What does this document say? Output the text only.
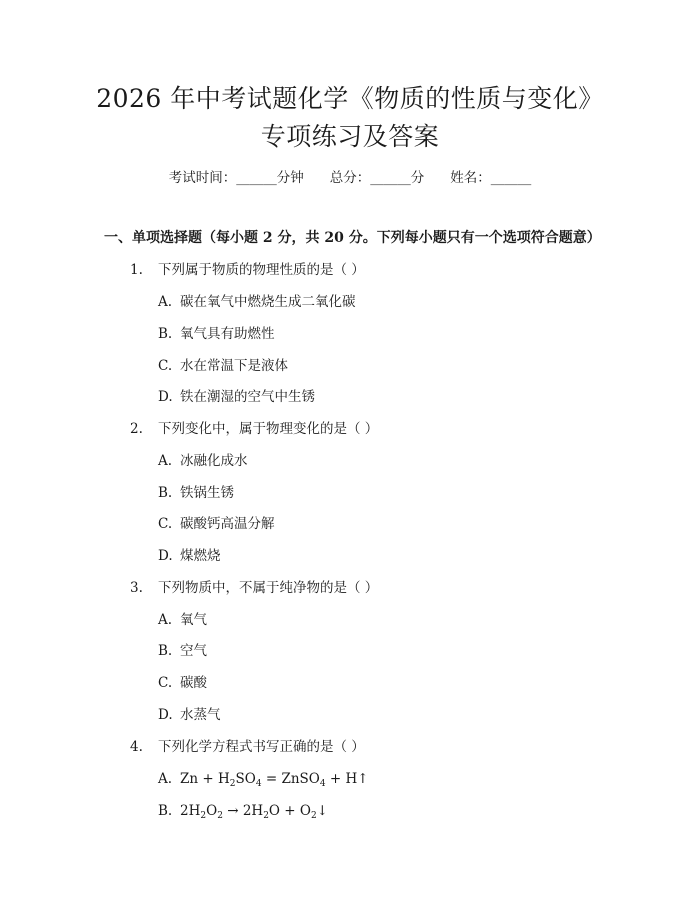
2026 年中考试题化学《物质的性质与变化》
专项练习及答案
考试时间：______分钟 总分：______分 姓名：______
一、单项选择题（每小题 2 分，共 20 分。下列每小题只有一个选项符合题意）
1. 下列属于物质的物理性质的是（ ）
A. 碳在氧气中燃烧生成二氧化碳
B. 氧气具有助燃性
C. 水在常温下是液体
D. 铁在潮湿的空气中生锈
2. 下列变化中，属于物理变化的是（ ）
A. 冰融化成水
B. 铁锅生锈
C. 碳酸钙高温分解
D. 煤燃烧
3. 下列物质中，不属于纯净物的是（ ）
A. 氧气
B. 空气
C. 碳酸
D. 水蒸气
4. 下列化学方程式书写正确的是（ ）
A. $Zn + H_2SO_4$ = ZnSO$_4$ + H↑
B. $2H_2O_2 \to 2H_2O$ + $O_2↓$
